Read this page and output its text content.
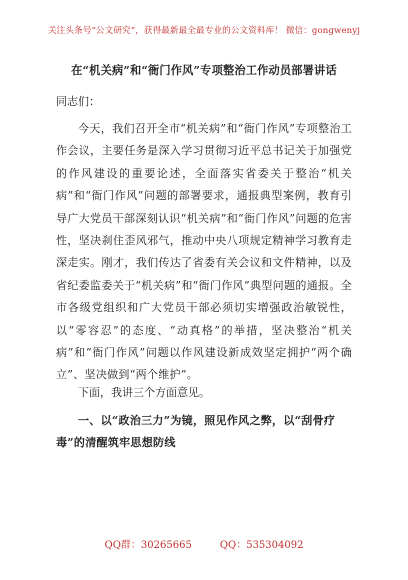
关注头条号“公文研究”，获得最新最全最专业的公文资料库！ 微信：gongwenyj
在“机关病”和“衙门作风”专项整治工作动员部署讲话
同志们：

今天，我们召开全市“机关病”和“衙门作风”专项整治工作会议，主要任务是深入学习贯彻习近平总书记关于加强党的作风建设的重要论述，全面落实省委关于整治“机关病”和“衙门作风”问题的部署要求，通报典型案例，教育引导广大党员干部深刻认识“机关病”和“衙门作风”问题的危害性，坚决刹住歪风邪气，推动中央八项规定精神学习教育走深走实。刚才，我们传达了省委有关会议和文件精神，以及省纪委监委关于“机关病”和“衙门作风”典型问题的通报。全市各级党组织和广大党员干部必须切实增强政治敏锐性，以“零容忍”的态度、“动真格”的举措，坚决整治“机关病”和“衙门作风”问题以作风建设新成效坚定拥护“两个确立”、坚决做到“两个维护”。

下面，我讲三个方面意见。

一、以“政治三力”为镜，照见作风之弊，以“刮骨疗毒”的清醒筑牢思想防线

QQ群：30265665	QQ：535304092
